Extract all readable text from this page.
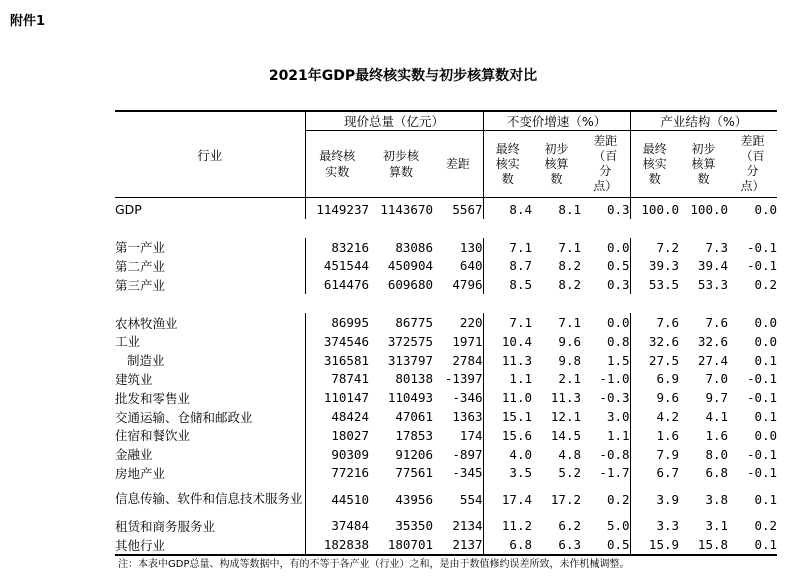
附件1
2021年GDP最终核实数与初步核算数对比
行业	现价总量（亿元）			不变价增速（%）			产业结构（%）		
	最终核实数	初步核算数	差距	最终核实数	初步核算数	差距（百分点）	最终核实数	初步核算数	差距（百分点）
GDP	1149237	1143670	5567	8.4	8.1	0.3	100.0	100.0	0.0

第一产业	83216	83086	130	7.1	7.1	0.0	7.2	7.3	-0.1
第二产业	451544	450904	640	8.7	8.2	0.5	39.3	39.4	-0.1
第三产业	614476	609680	4796	8.5	8.2	0.3	53.5	53.3	0.2

农林牧渔业	86995	86775	220	7.1	7.1	0.0	7.6	7.6	0.0
工业	374546	372575	1971	10.4	9.6	0.8	32.6	32.6	0.0
制造业	316581	313797	2784	11.3	9.8	1.5	27.5	27.4	0.1
建筑业	78741	80138	-1397	1.1	2.1	-1.0	6.9	7.0	-0.1
批发和零售业	110147	110493	-346	11.0	11.3	-0.3	9.6	9.7	-0.1
交通运输、仓储和邮政业	48424	47061	1363	15.1	12.1	3.0	4.2	4.1	0.1
住宿和餐饮业	18027	17853	174	15.6	14.5	1.1	1.6	1.6	0.0
金融业	90309	91206	-897	4.0	4.8	-0.8	7.9	8.0	-0.1
房地产业	77216	77561	-345	3.5	5.2	-1.7	6.7	6.8	-0.1
信息传输、软件和信息技术服务业	44510	43956	554	17.4	17.2	0.2	3.9	3.8	0.1
租赁和商务服务业	37484	35350	2134	11.2	6.2	5.0	3.3	3.1	0.2
其他行业	182838	180701	2137	6.8	6.3	0.5	15.9	15.8	0.1
注：本表中GDP总量、构成等数据中，有的不等于各产业（行业）之和，是由于数值修约误差所致，未作机械调整。
